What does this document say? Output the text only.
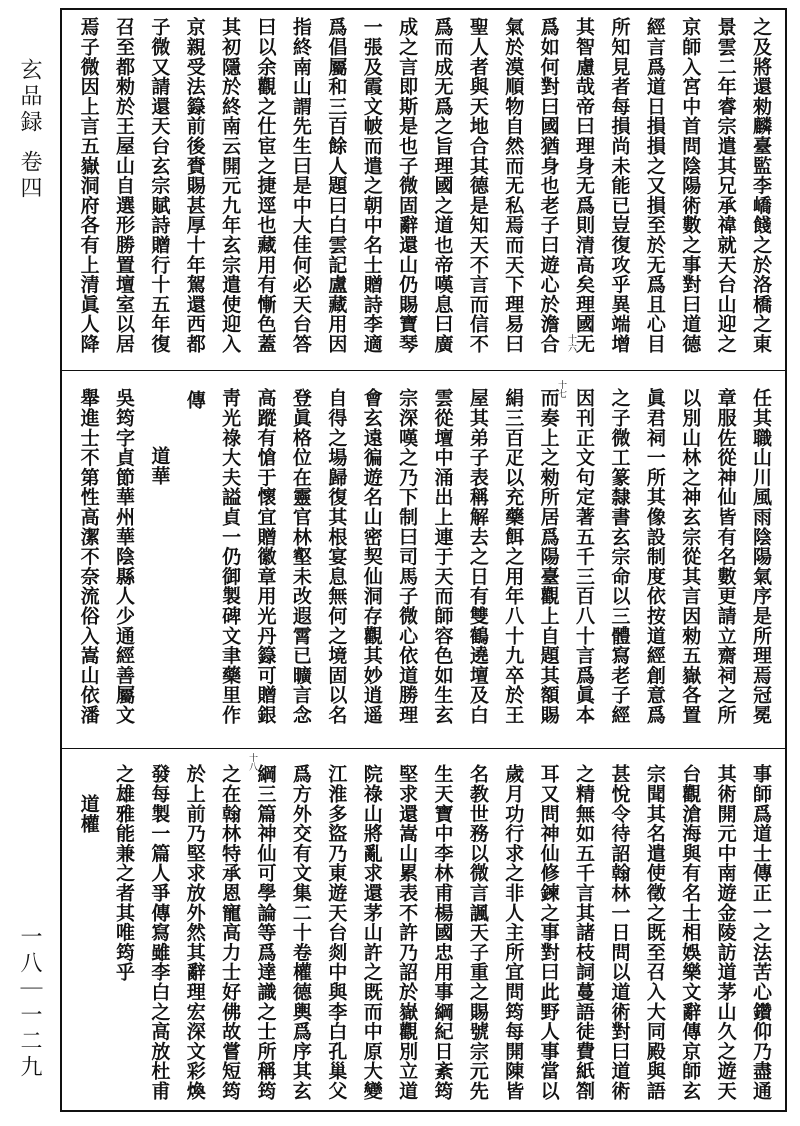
玄品録
卷四
一八｜一二九
之及將還勑麟臺監李嶠餞之於洛橋之東
景雲二年睿宗遣其兄承禕就天台山迎之
京師入宮中首問陰陽術數之事對曰道德
經言爲道日損損之又損至於无爲且心目
所知見者每損尚未能已豈復攻乎異端增
其智慮哉帝曰理身无爲則清高矣理國无
爲如何對曰國猶身也老子曰遊心於澹合
氣於漠順物自然而无私焉而天下理易曰
聖人者與天地合其德是知天不言而信不
爲而成无爲之旨理國之道也帝嘆息曰廣
成之言即斯是也子微固辭還山仍賜寶琴
一張及霞文帔而遣之朝中名士贈詩李適
爲倡屬和三百餘人題曰白雲記盧藏用因
指終南山謂先生曰是中大佳何必天台答
曰以余觀之仕宦之捷逕也藏用有慚色蓋
其初隱於終南云開元九年玄宗遣使迎入
京親受法籙前後賚賜甚厚十年駕還西都
子微又請還天台玄宗賦詩贈行十五年復
召至都勑於王屋山自選形勝置壇室以居
焉子微因上言五嶽洞府各有上清眞人降
任其職山川風雨陰陽氣序是所理焉冠冕
章服佐從神仙皆有名數更請立齋祠之所
以別山林之神玄宗從其言因勑五嶽各置
眞君祠一所其像設制度依按道經創意爲
之子微工篆隸書玄宗命以三體寫老子經
因刊正文句定著五千三百八十言爲眞本
而奏上之勑所居爲陽臺觀上自題其額賜
絹三百疋以充藥餌之用年八十九卒於王
屋其弟子表稱解去之日有雙鶴遶壇及白
雲從壇中涌出上連于天而師容色如生玄
宗深嘆之乃下制曰司馬子微心依道勝理
會玄遠徧遊名山密契仙洞存觀其妙逍遥
自得之場歸復其根宴息無何之境固以名
登眞格位在靈官林壑未改遐霄已曠言念
高蹤有愴于懷宜贈徽章用光丹籙可贈銀
靑光祿大夫謚貞一仍御製碑文聿藥里作
傳
道華
吳筠字貞節華州華陰縣人少通經善屬文
舉進士不第性高潔不奈流俗入嵩山依潘
事師爲道士傳正一之法苦心鑽仰乃盡通
其術開元中南遊金陵訪道茅山久之遊天
台觀滄海與有名士相娛樂文辭傳京師玄
宗聞其名遣使徵之既至召入大同殿與語
甚悅令待詔翰林一日問以道術對曰道術
之精無如五千言其諸枝詞蔓語徒費紙劄
耳又問神仙修鍊之事對曰此野人事當以
歲月功行求之非人主所宜問筠每開陳皆
名教世務以微言諷天子重之賜號宗元先
生天寶中李林甫楊國忠用事綱紀日紊筠
堅求還嵩山累表不許乃詔於嶽觀別立道
院祿山將亂求還茅山許之既而中原大變
江淮多盜乃東遊天台剡中與李白孔巢父
爲方外交有文集二十卷權德輿爲序其玄
綱三篇神仙可學論等爲達識之士所稱筠
之在翰林特承恩寵高力士好佛故嘗短筠
於上前乃堅求放外然其辭理宏深文彩煥
發每製一篇人爭傳寫雖李白之高放杜甫
之雄雅能兼之者其唯筠乎
道權
十六
十七
十八
